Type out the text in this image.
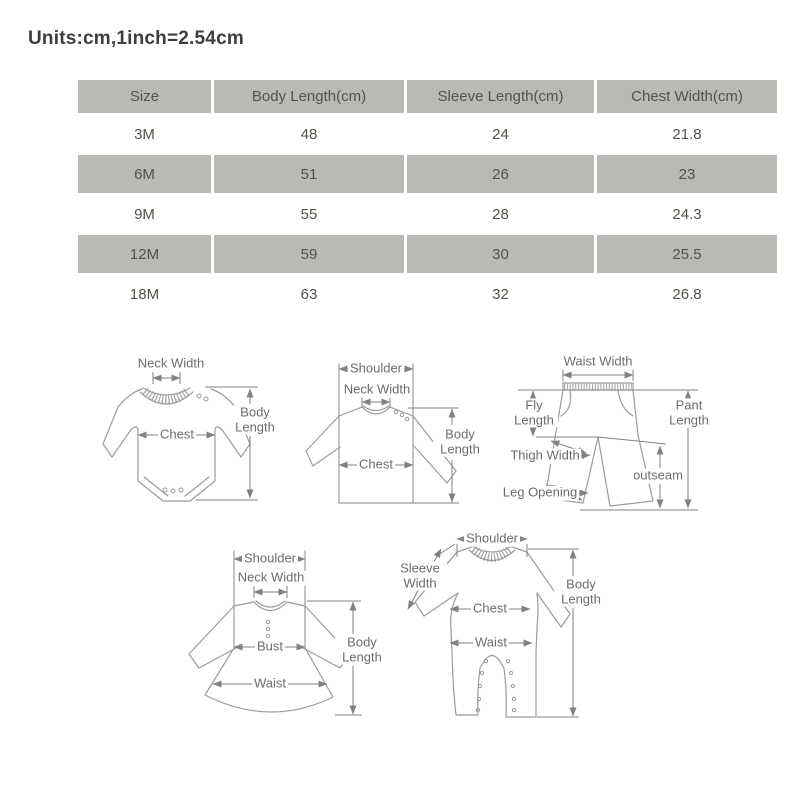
Units:cm,1inch=2.54cm
Size	Body Length(cm)	Sleeve Length(cm)	Chest Width(cm)
3M	48	24	21.8
6M	51	26	23
9M	55	28	24.3
12M	59	30	25.5
18M	63	32	26.8
Neck Width
Chest
Body Length
Shoulder
Neck Width
Chest
Body Length
Waist Width
Fly Length
Pant Length
Thigh Width
outseam
Leg Opening
Shoulder
Neck Width
Bust
Waist
Body Length
Shoulder
Sleeve Width
Chest
Waist
Body Length
